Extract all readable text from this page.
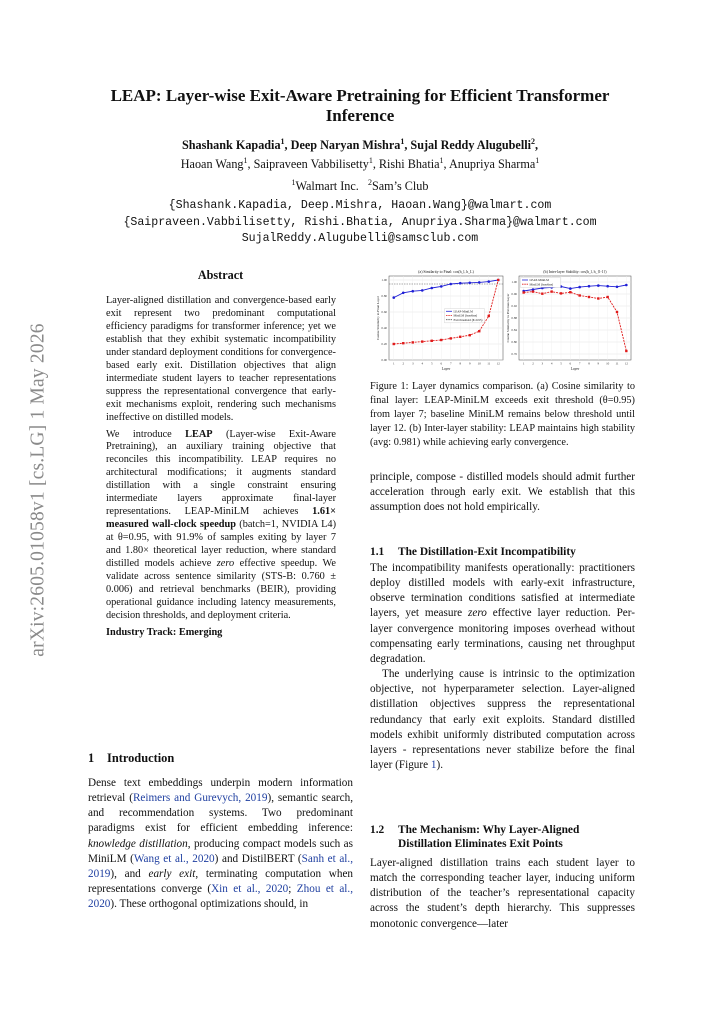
arXiv:2605.01058v1 [cs.LG] 1 May 2026
LEAP: Layer-wise Exit-Aware Pretraining for Efficient Transformer Inference
Shashank Kapadia$^1$, Deep Naryan Mishra$^1$, Sujal Reddy Alugubelli$^2$,
Haoan Wang$^1$, Saipraveen Vabbilisetty$^1$, Rishi Bhatia$^1$, Anupriya Sharma$^1$
$^1$Walmart Inc. $^2$Sam’s Club
{Shashank.Kapadia, Deep.Mishra, Haoan.Wang}@walmart.com
{Saipraveen.Vabbilisetty, Rishi.Bhatia, Anupriya.Sharma}@walmart.com
SujalReddy.Alugubelli@samsclub.com
Abstract

Layer-aligned distillation and convergence-based early exit represent two predominant computational efficiency paradigms for transformer inference; yet we establish that they exhibit systematic incompatibility under standard deployment conditions for convergence-based early exit. Distillation objectives that align intermediate student layers to teacher representations suppress the representational convergence that early-exit mechanisms exploit, rendering such mechanisms ineffective on distilled models.

We introduce LEAP (Layer-wise Exit-Aware Pretraining), an auxiliary training objective that reconciles this incompatibility. LEAP requires no architectural modifications; it augments standard distillation with a single constraint ensuring intermediate layers approximate final-layer representations. LEAP-MiniLM achieves 1.61× measured wall-clock speedup (batch=1, NVIDIA L4) at θ=0.95, with 91.9% of samples exiting by layer 7 and 1.80× theoretical layer reduction, where standard distilled models achieve zero effective speedup. We validate across sentence similarity (STS-B: 0.760 ± 0.006) and retrieval benchmarks (BEIR), providing operational guidance including latency measurements, decision thresholds, and deployment criteria.

Industry Track: Emerging

1 Introduction
Dense text embeddings underpin modern information retrieval (Reimers and Gurevych, 2019), semantic search, and recommendation systems. Two predominant paradigms exist for efficient embedding inference: knowledge distillation, producing compact models such as MiniLM (Wang et al., 2020) and DistilBERT (Sanh et al., 2019), and early exit, terminating computation when representations converge (Xin et al., 2020; Zhou et al., 2020). These orthogonal optimizations should, in
0.00
0.20
0.40
0.60
0.80
1.00
1 2 3 4 5 6 7 8 9 10 11 12
(a) Similarity to Final: cos(h_l, h_L)
Layer
Cosine Similarity to Final Layer	LEAP-MiniLM
MiniLM (baseline)
Exit threshold (θ=0.95)
0.76
0.80
0.84
0.88
0.92
0.96
1.00
1 2 3 4 5 6 7 8 9 10 11 12
(b) Inter-layer Stability: cos(h_l, h_{l-1})
Layer
Cosine Similarity to Previous Layer
LEAP-MiniLM
MiniLM (baseline)
Figure 1: Layer dynamics comparison. (a) Cosine similarity to final layer: LEAP-MiniLM exceeds exit threshold (θ=0.95) from layer 7; baseline MiniLM remains below threshold until layer 12. (b) Inter-layer stability: LEAP maintains high stability (avg: 0.981) while achieving early convergence.
principle, compose - distilled models should admit further acceleration through early exit. We establish that this assumption does not hold empirically.
1.1 The Distillation-Exit Incompatibility

The incompatibility manifests operationally: practitioners deploy distilled models with early-exit infrastructure, observe termination conditions satisfied at intermediate layers, yet measure zero effective layer reduction. Per-layer convergence monitoring imposes overhead without compensating early terminations, causing net throughput degradation.

The underlying cause is intrinsic to the optimization objective, not hyperparameter selection. Layer-aligned distillation objectives suppress the representational redundancy that early exit exploits. Standard distilled models exhibit uniformly distributed computation across layers - representations never stabilize before the final layer (Figure 1).

1.2 The Mechanism: Why Layer-Aligned
Distillation Eliminates Exit Points
Layer-aligned distillation trains each student layer to match the corresponding teacher layer, inducing uniform distribution of the teacher’s representational capacity across the student’s depth hierarchy. This suppresses monotonic convergence—later
